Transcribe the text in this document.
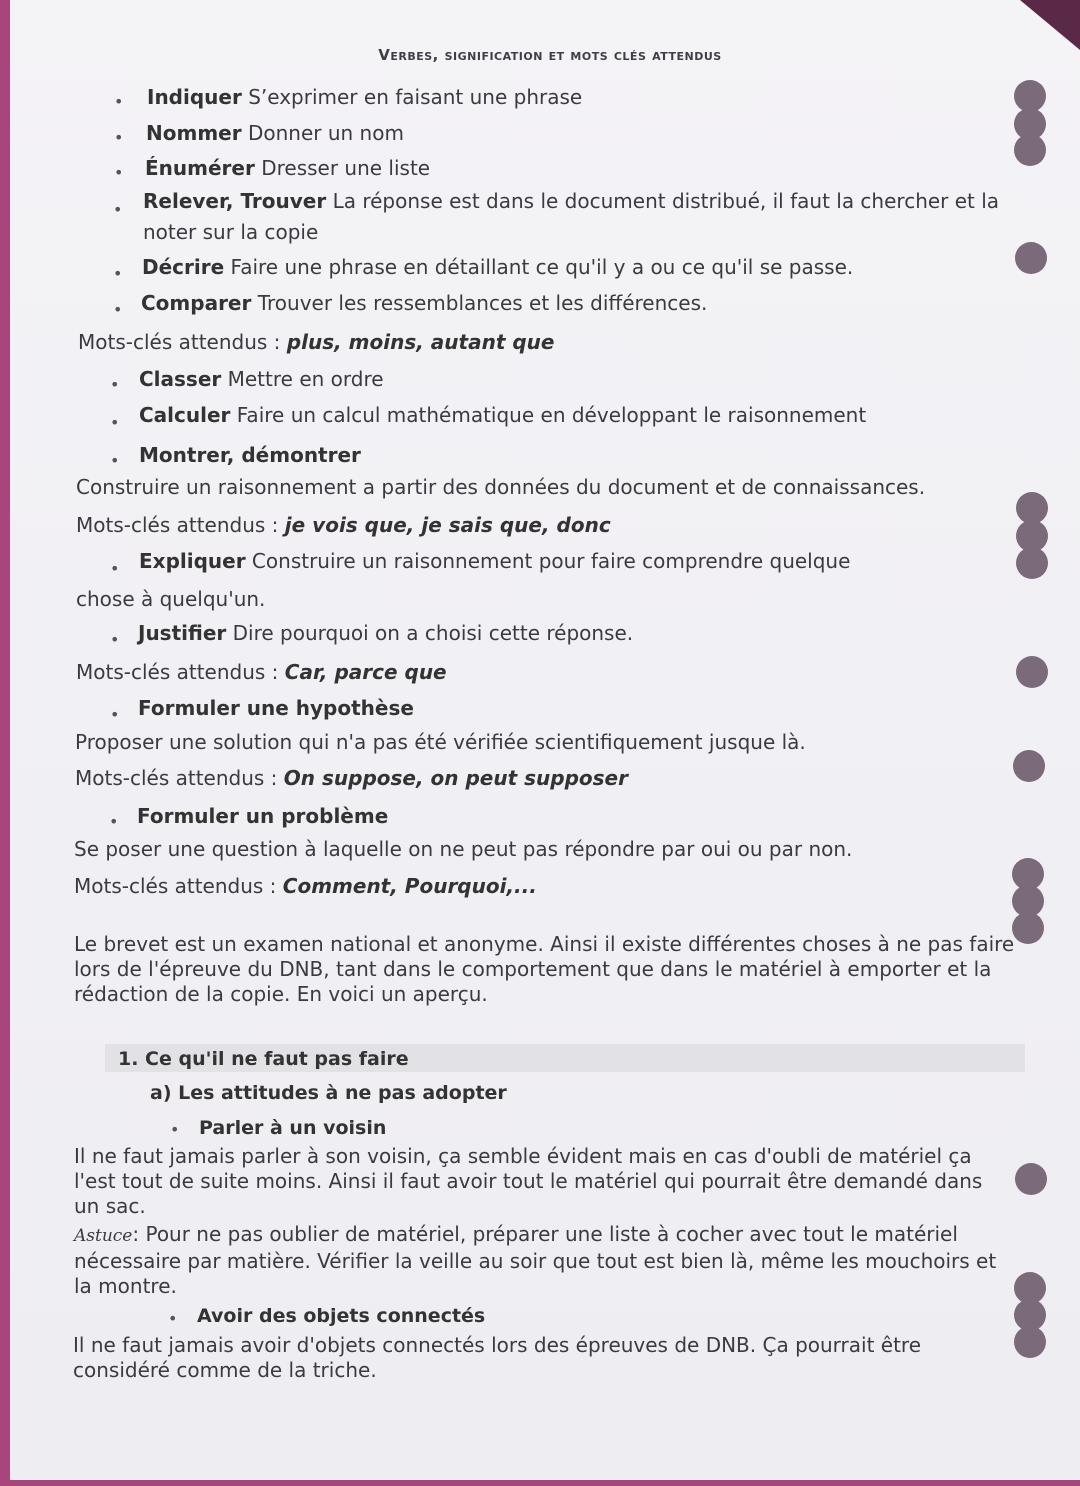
Verbes, signification et mots clés attendus
• Indiquer S’exprimer en faisant une phrase
• Nommer Donner un nom
• Énumérer Dresser une liste
• Relever, Trouver La réponse est dans le document distribué, il faut la chercher et la
noter sur la copie
• Décrire Faire une phrase en détaillant ce qu'il y a ou ce qu'il se passe.
• Comparer Trouver les ressemblances et les différences.
Mots-clés attendus : plus, moins, autant que
• Classer Mettre en ordre
• Calculer Faire un calcul mathématique en développant le raisonnement
• Montrer, démontrer
Construire un raisonnement a partir des données du document et de connaissances.
Mots-clés attendus : je vois que, je sais que, donc
• Expliquer Construire un raisonnement pour faire comprendre quelque
chose à quelqu'un.
• Justifier Dire pourquoi on a choisi cette réponse.
Mots-clés attendus : Car, parce que
• Formuler une hypothèse
Proposer une solution qui n'a pas été vérifiée scientifiquement jusque là.
Mots-clés attendus : On suppose, on peut supposer
• Formuler un problème
Se poser une question à laquelle on ne peut pas répondre par oui ou par non.
Mots-clés attendus : Comment, Pourquoi,...
Le brevet est un examen national et anonyme. Ainsi il existe différentes choses à ne pas faire lors de l'épreuve du DNB, tant dans le comportement que dans le matériel à emporter et la rédaction de la copie. En voici un aperçu.
1. Ce qu'il ne faut pas faire
a) Les attitudes à ne pas adopter
• Parler à un voisin
Il ne faut jamais parler à son voisin, ça semble évident mais en cas d'oubli de matériel ça l'est tout de suite moins. Ainsi il faut avoir tout le matériel qui pourrait être demandé dans un sac.
Astuce: Pour ne pas oublier de matériel, préparer une liste à cocher avec tout le matériel nécessaire par matière. Vérifier la veille au soir que tout est bien là, même les mouchoirs et la montre.
• Avoir des objets connectés
Il ne faut jamais avoir d'objets connectés lors des épreuves de DNB. Ça pourrait être considéré comme de la triche.
